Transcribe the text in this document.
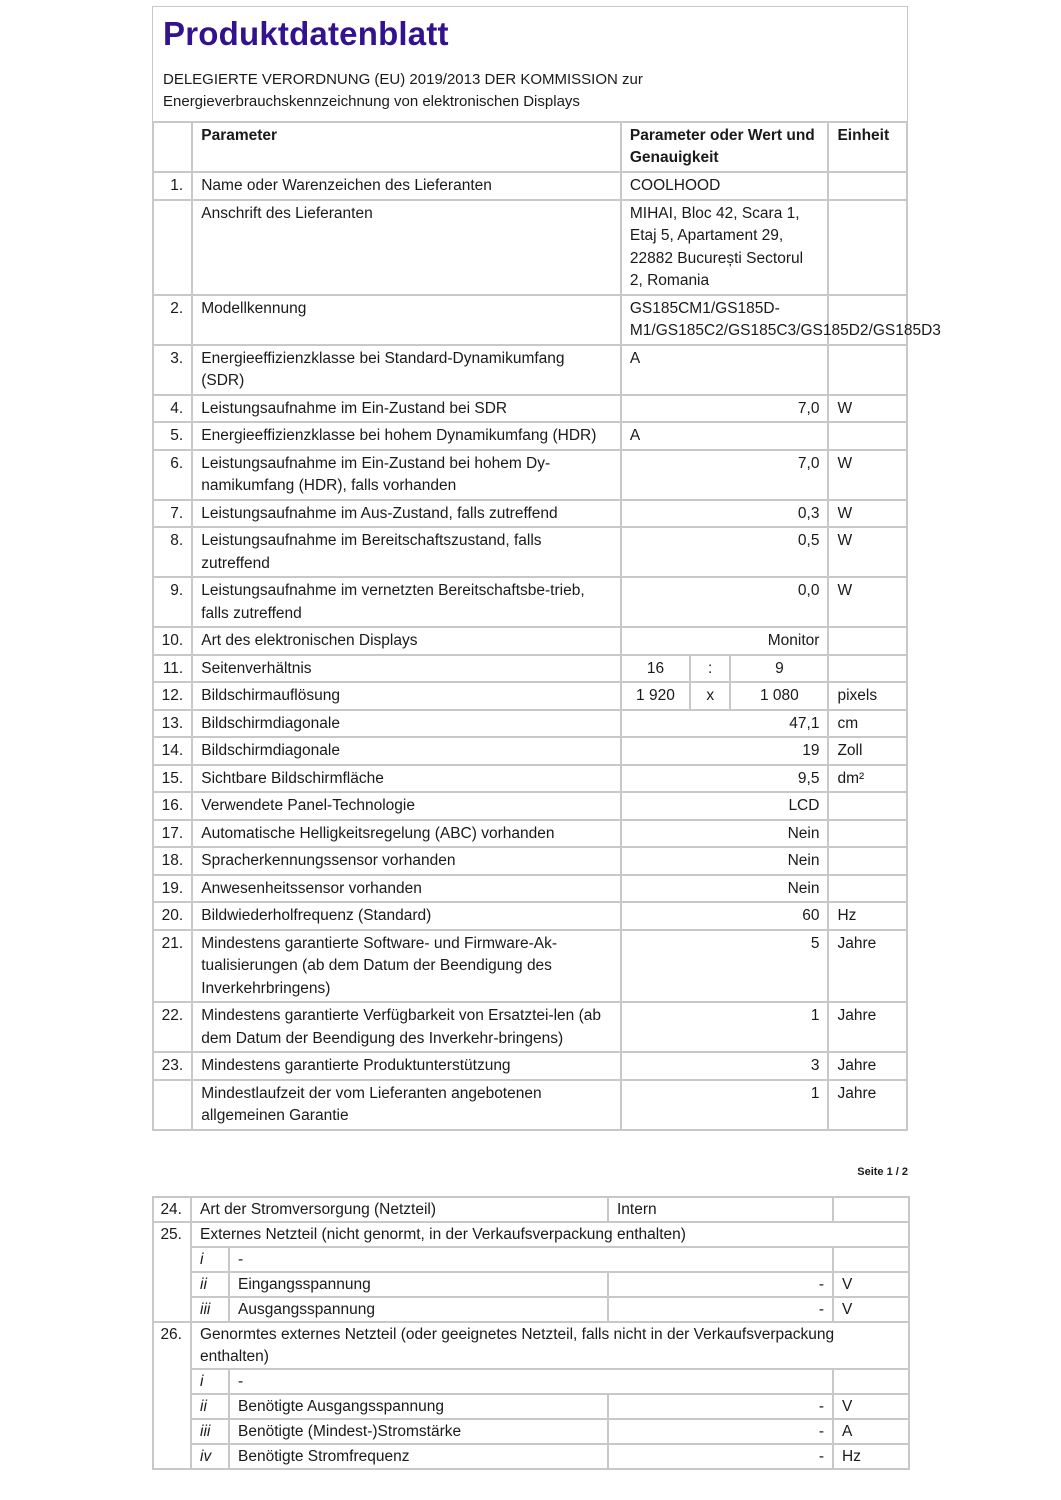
Produktdatenblatt
DELEGIERTE VERORDNUNG (EU) 2019/2013 DER KOMMISSION zur
Energieverbrauchskennzeichnung von elektronischen Displays
	Parameter	Parameter oder Wert und Genauigkeit			Einheit
1.	Name oder Warenzeichen des Lieferanten	COOLHOOD			
	Anschrift des Lieferanten	MIHAI, Bloc 42, Scara 1, Etaj 5, Apartament 29, 22882 București Sectorul 2, Romania			
2.	Modellkennung	GS185CM1/GS185D-M1/GS185C2/GS185C3/GS185D2/GS185D3			
3.	Energieeffizienzklasse bei Standard-Dynamikumfang (SDR)	A			
4.	Leistungsaufnahme im Ein-Zustand bei SDR	7,0			W
5.	Energieeffizienzklasse bei hohem Dynamikumfang (HDR)	A			
6.	Leistungsaufnahme im Ein-Zustand bei hohem Dy-namikumfang (HDR), falls vorhanden	7,0			W
7.	Leistungsaufnahme im Aus-Zustand, falls zutreffend	0,3			W
8.	Leistungsaufnahme im Bereitschaftszustand, falls zutreffend	0,5			W
9.	Leistungsaufnahme im vernetzten Bereitschaftsbe-trieb, falls zutreffend	0,0			W
10.	Art des elektronischen Displays	Monitor			
11.	Seitenverhältnis	16	:	9	
12.	Bildschirmauflösung	1 920	x	1 080	pixels
13.	Bildschirmdiagonale	47,1			cm
14.	Bildschirmdiagonale	19			Zoll
15.	Sichtbare Bildschirmfläche	9,5			dm²
16.	Verwendete Panel-Technologie	LCD			
17.	Automatische Helligkeitsregelung (ABC) vorhanden	Nein			
18.	Spracherkennungssensor vorhanden	Nein			
19.	Anwesenheitssensor vorhanden	Nein			
20.	Bildwiederholfrequenz (Standard)	60			Hz
21.	Mindestens garantierte Software- und Firmware-Ak-tualisierungen (ab dem Datum der Beendigung des Inverkehrbringens)	5			Jahre
22.	Mindestens garantierte Verfügbarkeit von Ersatztei-len (ab dem Datum der Beendigung des Inverkehr-bringens)	1			Jahre
23.	Mindestens garantierte Produktunterstützung	3			Jahre
	Mindestlaufzeit der vom Lieferanten angebotenen allgemeinen Garantie	1			Jahre
Seite 1 / 2
24.	Art der Stromversorgung (Netzteil)		Intern	
25.	Externes Netzteil (nicht genormt, in der Verkaufsverpackung enthalten)			
	i	-		
	ii	Eingangsspannung	-	V
	iii	Ausgangsspannung	-	V
26.	Genormtes externes Netzteil (oder geeignetes Netzteil, falls nicht in der Verkaufsverpackung enthalten)			
	i	-		
	ii	Benötigte Ausgangsspannung	-	V
	iii	Benötigte (Mindest-)Stromstärke	-	A
	iv	Benötigte Stromfrequenz	-	Hz
